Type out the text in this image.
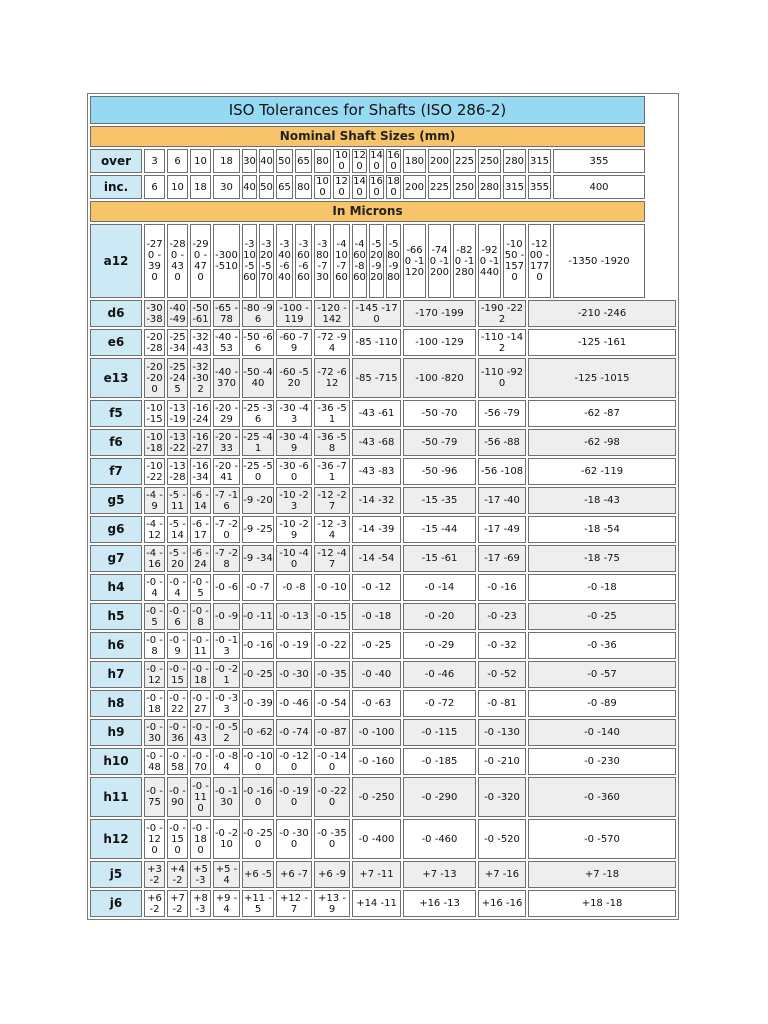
ISO Tolerances for Shafts (ISO 286-2)																				
Nominal Shaft Sizes (mm)																				
over	3	6	10	18	30	40	50	65	80	100	120	140	160	180	200	225	250	280	315	355
inc.	6	10	18	30	40	50	65	80	100	120	140	160	180	200	225	250	280	315	355	400
In Microns																				
a12	-270 -390	-280 -430	-290 -470	-300 -510	-310 -560	-320 -570	-340 -640	-360 -660	-380 -730	-410 -760	-460 -860	-520 -920	-580 -980	-660 -1120	-740 -1200	-820 -1280	-920 -1440	-1050 -1570	-1200 -1770	-1350 -1920
d6	-30 -38	-40 -49	-50 -61	-65 -78	-80 -96		-100 -119		-120 -142		-145 -170			-170 -199			-190 -222		-210 -246	
e6	-20 -28	-25 -34	-32 -43	-40 -53	-50 -66		-60 -79		-72 -94		-85 -110			-100 -129			-110 -142		-125 -161	
e13	-20 -200	-25 -245	-32 -302	-40 -370	-50 -440		-60 -520		-72 -612		-85 -715			-100 -820			-110 -920		-125 -1015	
f5	-10 -15	-13 -19	-16 -24	-20 -29	-25 -36		-30 -43		-36 -51		-43 -61			-50 -70			-56 -79		-62 -87	
f6	-10 -18	-13 -22	-16 -27	-20 -33	-25 -41		-30 -49		-36 -58		-43 -68			-50 -79			-56 -88		-62 -98	
f7	-10 -22	-13 -28	-16 -34	-20 -41	-25 -50		-30 -60		-36 -71		-43 -83			-50 -96			-56 -108		-62 -119	
g5	-4 -9	-5 -11	-6 -14	-7 -16	-9 -20		-10 -23		-12 -27		-14 -32			-15 -35			-17 -40		-18 -43	
g6	-4 -12	-5 -14	-6 -17	-7 -20	-9 -25		-10 -29		-12 -34		-14 -39			-15 -44			-17 -49		-18 -54	
g7	-4 -16	-5 -20	-6 -24	-7 -28	-9 -34		-10 -40		-12 -47		-14 -54			-15 -61			-17 -69		-18 -75	
h4	-0 -4	-0 -4	-0 -5	-0 -6	-0 -7		-0 -8		-0 -10		-0 -12			-0 -14			-0 -16		-0 -18	
h5	-0 -5	-0 -6	-0 -8	-0 -9	-0 -11		-0 -13		-0 -15		-0 -18			-0 -20			-0 -23		-0 -25	
h6	-0 -8	-0 -9	-0 -11	-0 -13	-0 -16		-0 -19		-0 -22		-0 -25			-0 -29			-0 -32		-0 -36	
h7	-0 -12	-0 -15	-0 -18	-0 -21	-0 -25		-0 -30		-0 -35		-0 -40			-0 -46			-0 -52		-0 -57	
h8	-0 -18	-0 -22	-0 -27	-0 -33	-0 -39		-0 -46		-0 -54		-0 -63			-0 -72			-0 -81		-0 -89	
h9	-0 -30	-0 -36	-0 -43	-0 -52	-0 -62		-0 -74		-0 -87		-0 -100			-0 -115			-0 -130		-0 -140	
h10	-0 -48	-0 -58	-0 -70	-0 -84	-0 -100		-0 -120		-0 -140		-0 -160			-0 -185			-0 -210		-0 -230	
h11	-0 -75	-0 -90	-0 -110	-0 -130	-0 -160		-0 -190		-0 -220		-0 -250			-0 -290			-0 -320		-0 -360	
h12	-0 -120	-0 -150	-0 -180	-0 -210	-0 -250		-0 -300		-0 -350		-0 -400			-0 -460			-0 -520		-0 -570	
j5	+3 -2	+4 -2	+5 -3	+5 -4	+6 -5		+6 -7		+6 -9		+7 -11			+7 -13			+7 -16		+7 -18	
j6	+6 -2	+7 -2	+8 -3	+9 -4	+11 -5		+12 -7		+13 -9		+14 -11			+16 -13			+16 -16		+18 -18	
